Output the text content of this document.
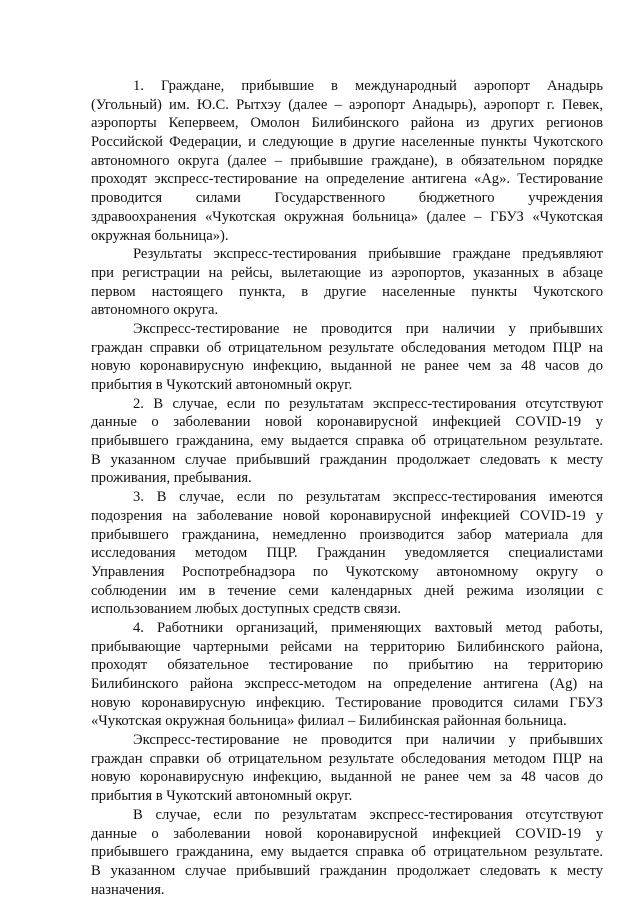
1. Граждане, прибывшие в международный аэропорт Анадырь
(Угольный) им. Ю.С. Рытхэу (далее – аэропорт Анадырь), аэропорт г. Певек,
аэропорты Кепервеем, Омолон Билибинского района из других регионов
Российской Федерации, и следующие в другие населенные пункты Чукотского
автономного округа (далее – прибывшие граждане), в обязательном порядке
проходят экспресс-тестирование на определение антигена «Ag». Тестирование
проводится силами Государственного бюджетного учреждения
здравоохранения «Чукотская окружная больница» (далее – ГБУЗ «Чукотская
окружная больница»).
Результаты экспресс-тестирования прибывшие граждане предъявляют
при регистрации на рейсы, вылетающие из аэропортов, указанных в абзаце
первом настоящего пункта, в другие населенные пункты Чукотского
автономного округа.
Экспресс-тестирование не проводится при наличии у прибывших
граждан справки об отрицательном результате обследования методом ПЦР на
новую коронавирусную инфекцию, выданной не ранее чем за 48 часов до
прибытия в Чукотский автономный округ.
2. В случае, если по результатам экспресс-тестирования отсутствуют
данные о заболевании новой коронавирусной инфекцией COVID-19 у
прибывшего гражданина, ему выдается справка об отрицательном результате.
В указанном случае прибывший гражданин продолжает следовать к месту
проживания, пребывания.
3. В случае, если по результатам экспресс-тестирования имеются
подозрения на заболевание новой коронавирусной инфекцией COVID-19 у
прибывшего гражданина, немедленно производится забор материала для
исследования методом ПЦР. Гражданин уведомляется специалистами
Управления Роспотребнадзора по Чукотскому автономному округу о
соблюдении им в течение семи календарных дней режима изоляции с
использованием любых доступных средств связи.
4. Работники организаций, применяющих вахтовый метод работы,
прибывающие чартерными рейсами на территорию Билибинского района,
проходят обязательное тестирование по прибытию на территорию
Билибинского района экспресс-методом на определение антигена (Ag) на
новую коронавирусную инфекцию. Тестирование проводится силами ГБУЗ
«Чукотская окружная больница» филиал – Билибинская районная больница.
Экспресс-тестирование не проводится при наличии у прибывших
граждан справки об отрицательном результате обследования методом ПЦР на
новую коронавирусную инфекцию, выданной не ранее чем за 48 часов до
прибытия в Чукотский автономный округ.
В случае, если по результатам экспресс-тестирования отсутствуют
данные о заболевании новой коронавирусной инфекцией COVID-19 у
прибывшего гражданина, ему выдается справка об отрицательном результате.
В указанном случае прибывший гражданин продолжает следовать к месту
назначения.
